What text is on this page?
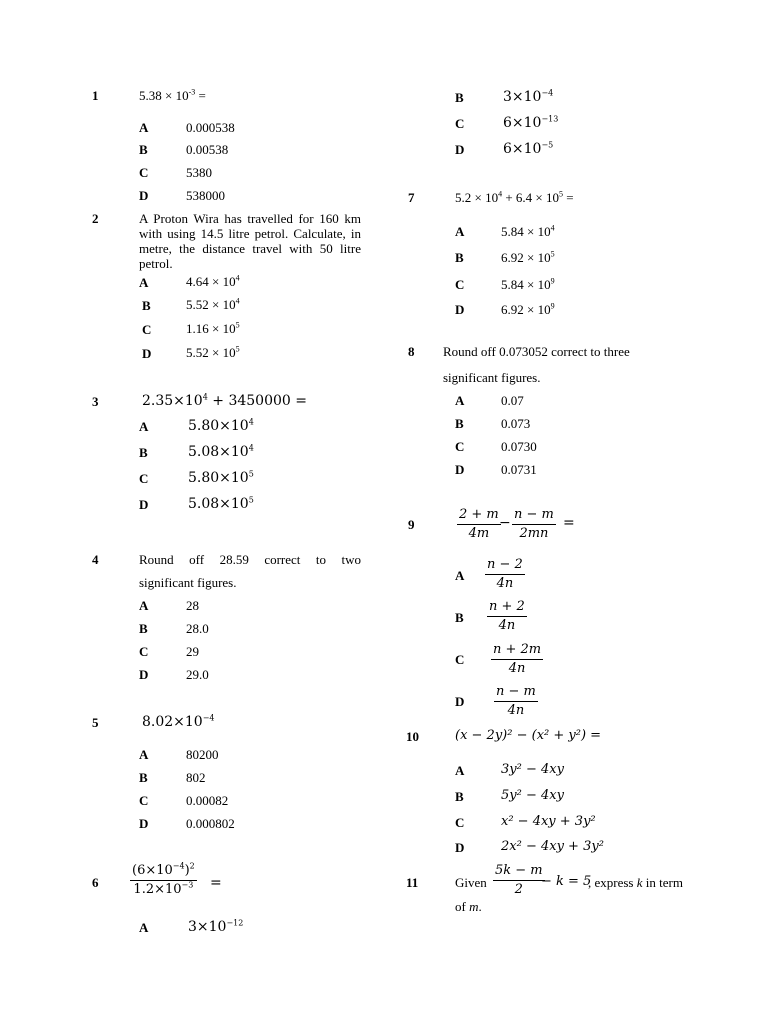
1	$5.38 \times 10^{-3}$ =
A	0.000538
B	0.00538
C	5380
D	538000
2	A Proton Wira has travelled for 160 km with using 14.5 litre petrol. Calculate, in metre, the distance travel with 50 litre petrol.
A	$4.64 \times 10^4$
B	$5.52 \times 10^4$
C	$1.16 \times 10^5$
D	$5.52 \times 10^5$
3	$2.35\times 10^4 + 3450000$ =
A	$5.80\times 10^4$
B	$5.08\times 10^4$
C	$5.80\times 10^5$
D	$5.08\times 10^5$
4	Round off 28.59 correct to two
significant figures.
A	28
B	28.0
C	29
D	29.0
5	$8.02\times 10^{-4}$
A	80200
B	802
C	0.00082
D	0.000802
6
$(6\times 10^{-4})^2$
$1.2\times 10^{-3}$ =
A	$3\times 10^{-12}$
B	$3\times 10^{-4}$
C	$6\times 10^{-13}$
D	$6\times 10^{-5}$
7	$5.2 \times 10^4 + 6.4 \times 10^5$ =
A	$5.84 \times 10^4$
B	$6.92 \times 10^5$
C	$5.84 \times 10^9$
D	$6.92 \times 10^9$
8 Round off 0.073052 correct to three
significant figures.
A	0.07
B	0.073
C	0.0730
D	0.0731
9
2 + m
4m
−
n − m
2mn
=
A
n − 2
4n
B
n + 2
4n
C
n + 2m
4n
D
n − m
4n
10	(x − 2y)² − (x² + y²) =
A	3y² − 4xy
B	5y² − 4xy
C	x² − 4xy + 3y²
D	2x² − 4xy + 3y²
11	Given
5k − m
2
− k = 5
, express k in term
of m.
